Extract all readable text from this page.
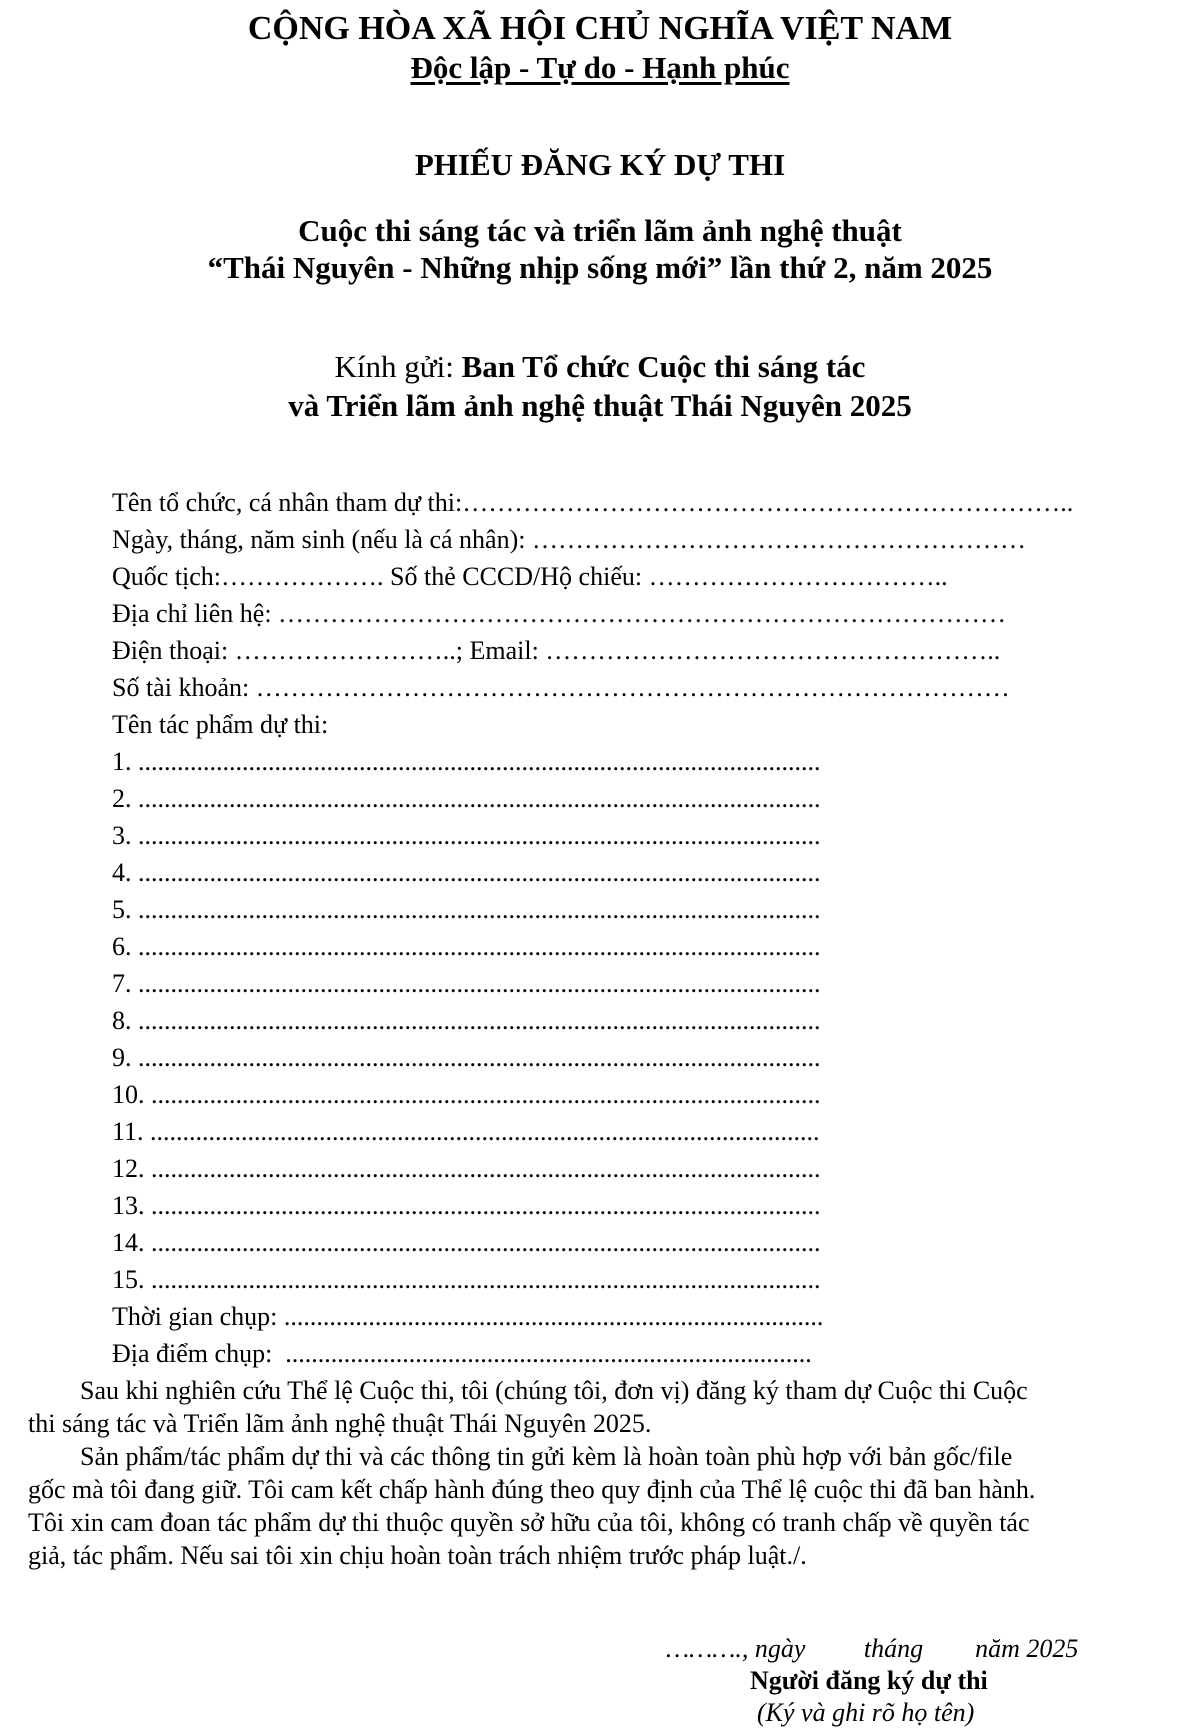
CỘNG HÒA XÃ HỘI CHỦ NGHĨA VIỆT NAM
Độc lập - Tự do - Hạnh phúc
PHIẾU ĐĂNG KÝ DỰ THI
Cuộc thi sáng tác và triển lãm ảnh nghệ thuật
“Thái Nguyên - Những nhịp sống mới” lần thứ 2, năm 2025
Kính gửi: Ban Tổ chức Cuộc thi sáng tác
và Triển lãm ảnh nghệ thuật Thái Nguyên 2025
Tên tổ chức, cá nhân tham dự thi:……………………………………………………………..
Ngày, tháng, năm sinh (nếu là cá nhân): …………………………………………………
Quốc tịch:………………. Số thẻ CCCD/Hộ chiếu: ……………………………..
Địa chỉ liên hệ: …………………………………………………………………………
Điện thoại: ……………………..; Email: ……………………………………………..
Số tài khoản: ……………………………………………………………………………
Tên tác phẩm dự thi:
1. .........................................................................................................
2. .........................................................................................................
3. .........................................................................................................
4. .........................................................................................................
5. .........................................................................................................
6. .........................................................................................................
7. .........................................................................................................
8. .........................................................................................................
9. .........................................................................................................
10. .......................................................................................................
11. .......................................................................................................
12. .......................................................................................................
13. .......................................................................................................
14. .......................................................................................................
15. .......................................................................................................
Thời gian chụp: ...................................................................................
Địa điểm chụp:  .................................................................................
Sau khi nghiên cứu Thể lệ Cuộc thi, tôi (chúng tôi, đơn vị) đăng ký tham dự Cuộc thi Cuộc
thi sáng tác và Triển lãm ảnh nghệ thuật Thái Nguyên 2025.
Sản phẩm/tác phẩm dự thi và các thông tin gửi kèm là hoàn toàn phù hợp với bản gốc/file
gốc mà tôi đang giữ. Tôi cam kết chấp hành đúng theo quy định của Thể lệ cuộc thi đã ban hành.
Tôi xin cam đoan tác phẩm dự thi thuộc quyền sở hữu của tôi, không có tranh chấp về quyền tác
giả, tác phẩm. Nếu sai tôi xin chịu hoàn toàn trách nhiệm trước pháp luật./.
………., ngày         tháng        năm 2025
Người đăng ký dự thi
(Ký và ghi rõ họ tên)
